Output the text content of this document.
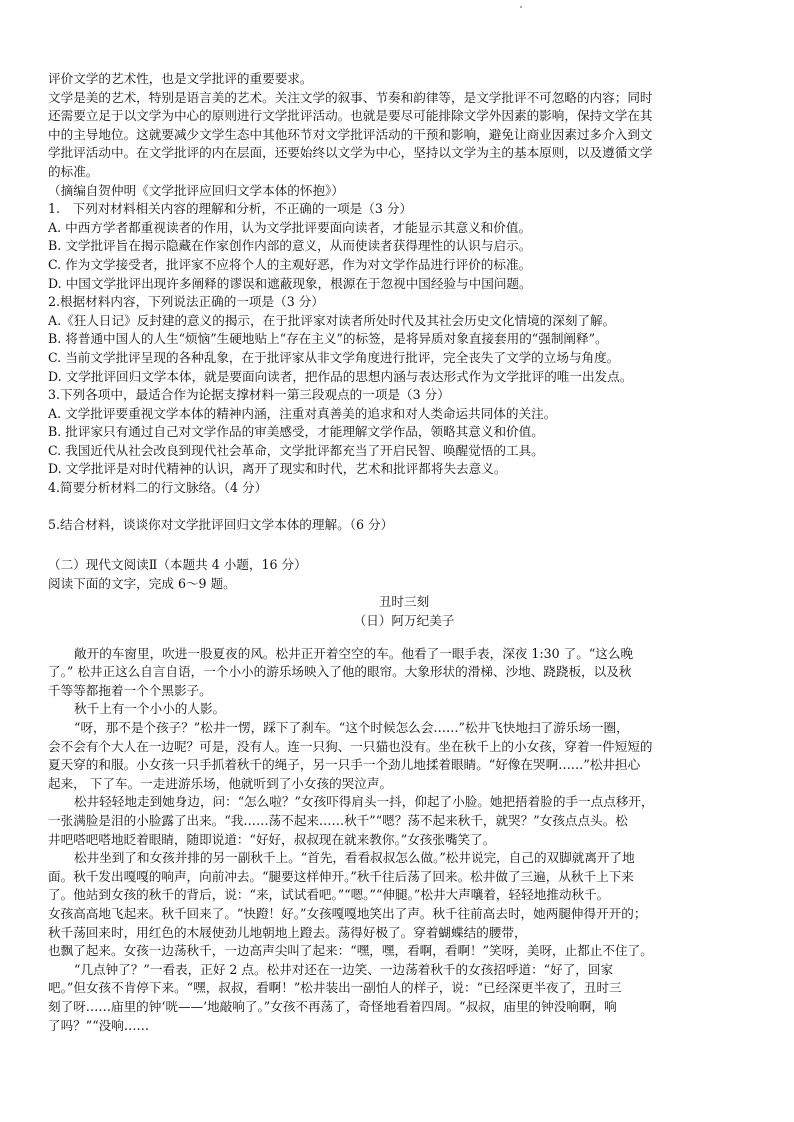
评价文学的艺术性，也是文学批评的重要要求。
文学是美的艺术，特别是语言美的艺术。关注文学的叙事、节奏和韵律等，是文学批评不可忽略的内容；同时
还需要立足于以文学为中心的原则进行文学批评活动。也就是要尽可能排除文学外因素的影响，保持文学在其
中的主导地位。这就要减少文学生态中其他环节对文学批评活动的干预和影响，避免让商业因素过多介入到文
学批评活动中。在文学批评的内在层面，还要始终以文学为中心，坚持以文学为主的基本原则，以及遵循文学
的标准。
（摘编自贺仲明《文学批评应回归文学本体的怀抱》）
1.　下列对材料相关内容的理解和分析，不正确的一项是（3 分）
A. 中西方学者都重视读者的作用，认为文学批评要面向读者，才能显示其意义和价值。
B. 文学批评旨在揭示隐藏在作家创作内部的意义，从而使读者获得理性的认识与启示。
C. 作为文学接受者，批评家不应将个人的主观好恶，作为对文学作品进行评价的标准。
D. 中国文学批评出现许多阐释的谬误和遮蔽现象，根源在于忽视中国经验与中国问题。
2.根据材料内容，下列说法正确的一项是（3 分）
A.《狂人日记》反封建的意义的揭示，在于批评家对读者所处时代及其社会历史文化情境的深刻了解。
B. 将普通中国人的人生“烦恼”生硬地贴上“存在主义”的标签，是将异质对象直接套用的“强制阐释”。
C. 当前文学批评呈现的各种乱象，在于批评家从非文学角度进行批评，完全丧失了文学的立场与角度。
D. 文学批评回归文学本体，就是要面向读者，把作品的思想内涵与表达形式作为文学批评的唯一出发点。
3.下列各项中，最适合作为论据支撑材料一第三段观点的一项是（3 分）
A. 文学批评要重视文学本体的精神内涵，注重对真善美的追求和对人类命运共同体的关注。
B. 批评家只有通过自己对文学作品的审美感受，才能理解文学作品，领略其意义和价值。
C. 我国近代从社会改良到现代社会革命，文学批评都充当了开启民智、唤醒觉悟的工具。
D. 文学批评是对时代精神的认识，离开了现实和时代，艺术和批评都将失去意义。
4.简要分析材料二的行文脉络。（4 分）
5.结合材料，谈谈你对文学批评回归文学本体的理解。（6 分）
（二）现代文阅读Ⅱ（本题共 4 小题，16 分）
阅读下面的文字，完成 6～9 题。
丑时三刻
（日）阿万纪美子
敞开的车窗里，吹进一股夏夜的风。松井正开着空空的车。他看了一眼手表，深夜 1:30 了。“这么晚
了。” 松井正这么自言自语，一个小小的游乐场映入了他的眼帘。大象形状的滑梯、沙地、跷跷板，以及秋
千等等都拖着一个个黑影子。
秋千上有一个小小的人影。
“呀，那不是个孩子？”松井一愣，踩下了刹车。“这个时候怎么会……”松井飞快地扫了游乐场一圈，
会不会有个大人在一边呢？可是，没有人。连一只狗、一只猫也没有。坐在秋千上的小女孩，穿着一件短短的
夏天穿的和服。小女孩一只手抓着秋千的绳子，另一只手一个劲儿地揉着眼睛。“好像在哭啊……”松井担心
起来， 下了车。一走进游乐场，他就听到了小女孩的哭泣声。
松井轻轻地走到她身边，问：“怎么啦？”女孩吓得肩头一抖，仰起了小脸。她把捂着脸的手一点点移开，
一张满脸是泪的小脸露了出来。“我……荡不起来……秋千”“嗯？荡不起来秋千，就哭？”女孩点点头。松
井吧嗒吧嗒地眨着眼睛，随即说道：“好好，叔叔现在就来教你。”女孩张嘴笑了。
松井坐到了和女孩并排的另一副秋千上。“首先，看看叔叔怎么做。”松井说完，自己的双脚就离开了地
面。秋千发出嘎嘎的响声，向前冲去。“腿要这样伸开。”秋千往后荡了回来。松井做了三遍，从秋千上下来
了。他站到女孩的秋千的背后，说：“来，试试看吧。”“嗯。”“伸腿。”松井大声嚷着，轻轻地推动秋千。
女孩高高地飞起来。秋千回来了。“快蹬！好。”女孩嘎嘎地笑出了声。秋千往前高去时，她两腿伸得开开的；
秋千荡回来时，用红色的木屐使劲儿地朝地上蹬去。荡得好极了。穿着蝴蝶结的腰带，
也飘了起来。女孩一边荡秋千，一边高声尖叫了起来：“嘿，嘿，看啊，看啊！”笑呀，美呀，止都止不住了。
“几点钟了？”一看表，正好 2 点。松井对还在一边笑、一边荡着秋千的女孩招呼道：“好了，回家
吧。”但女孩不肯停下来。“嘿，叔叔，看啊！”松井装出一副怕人的样子，说：“已经深更半夜了，丑时三
刻了呀……庙里的钟‘咣——’地敲响了。”女孩不再荡了，奇怪地看着四周。“叔叔，庙里的钟没响啊，响
了吗？”“没响……
